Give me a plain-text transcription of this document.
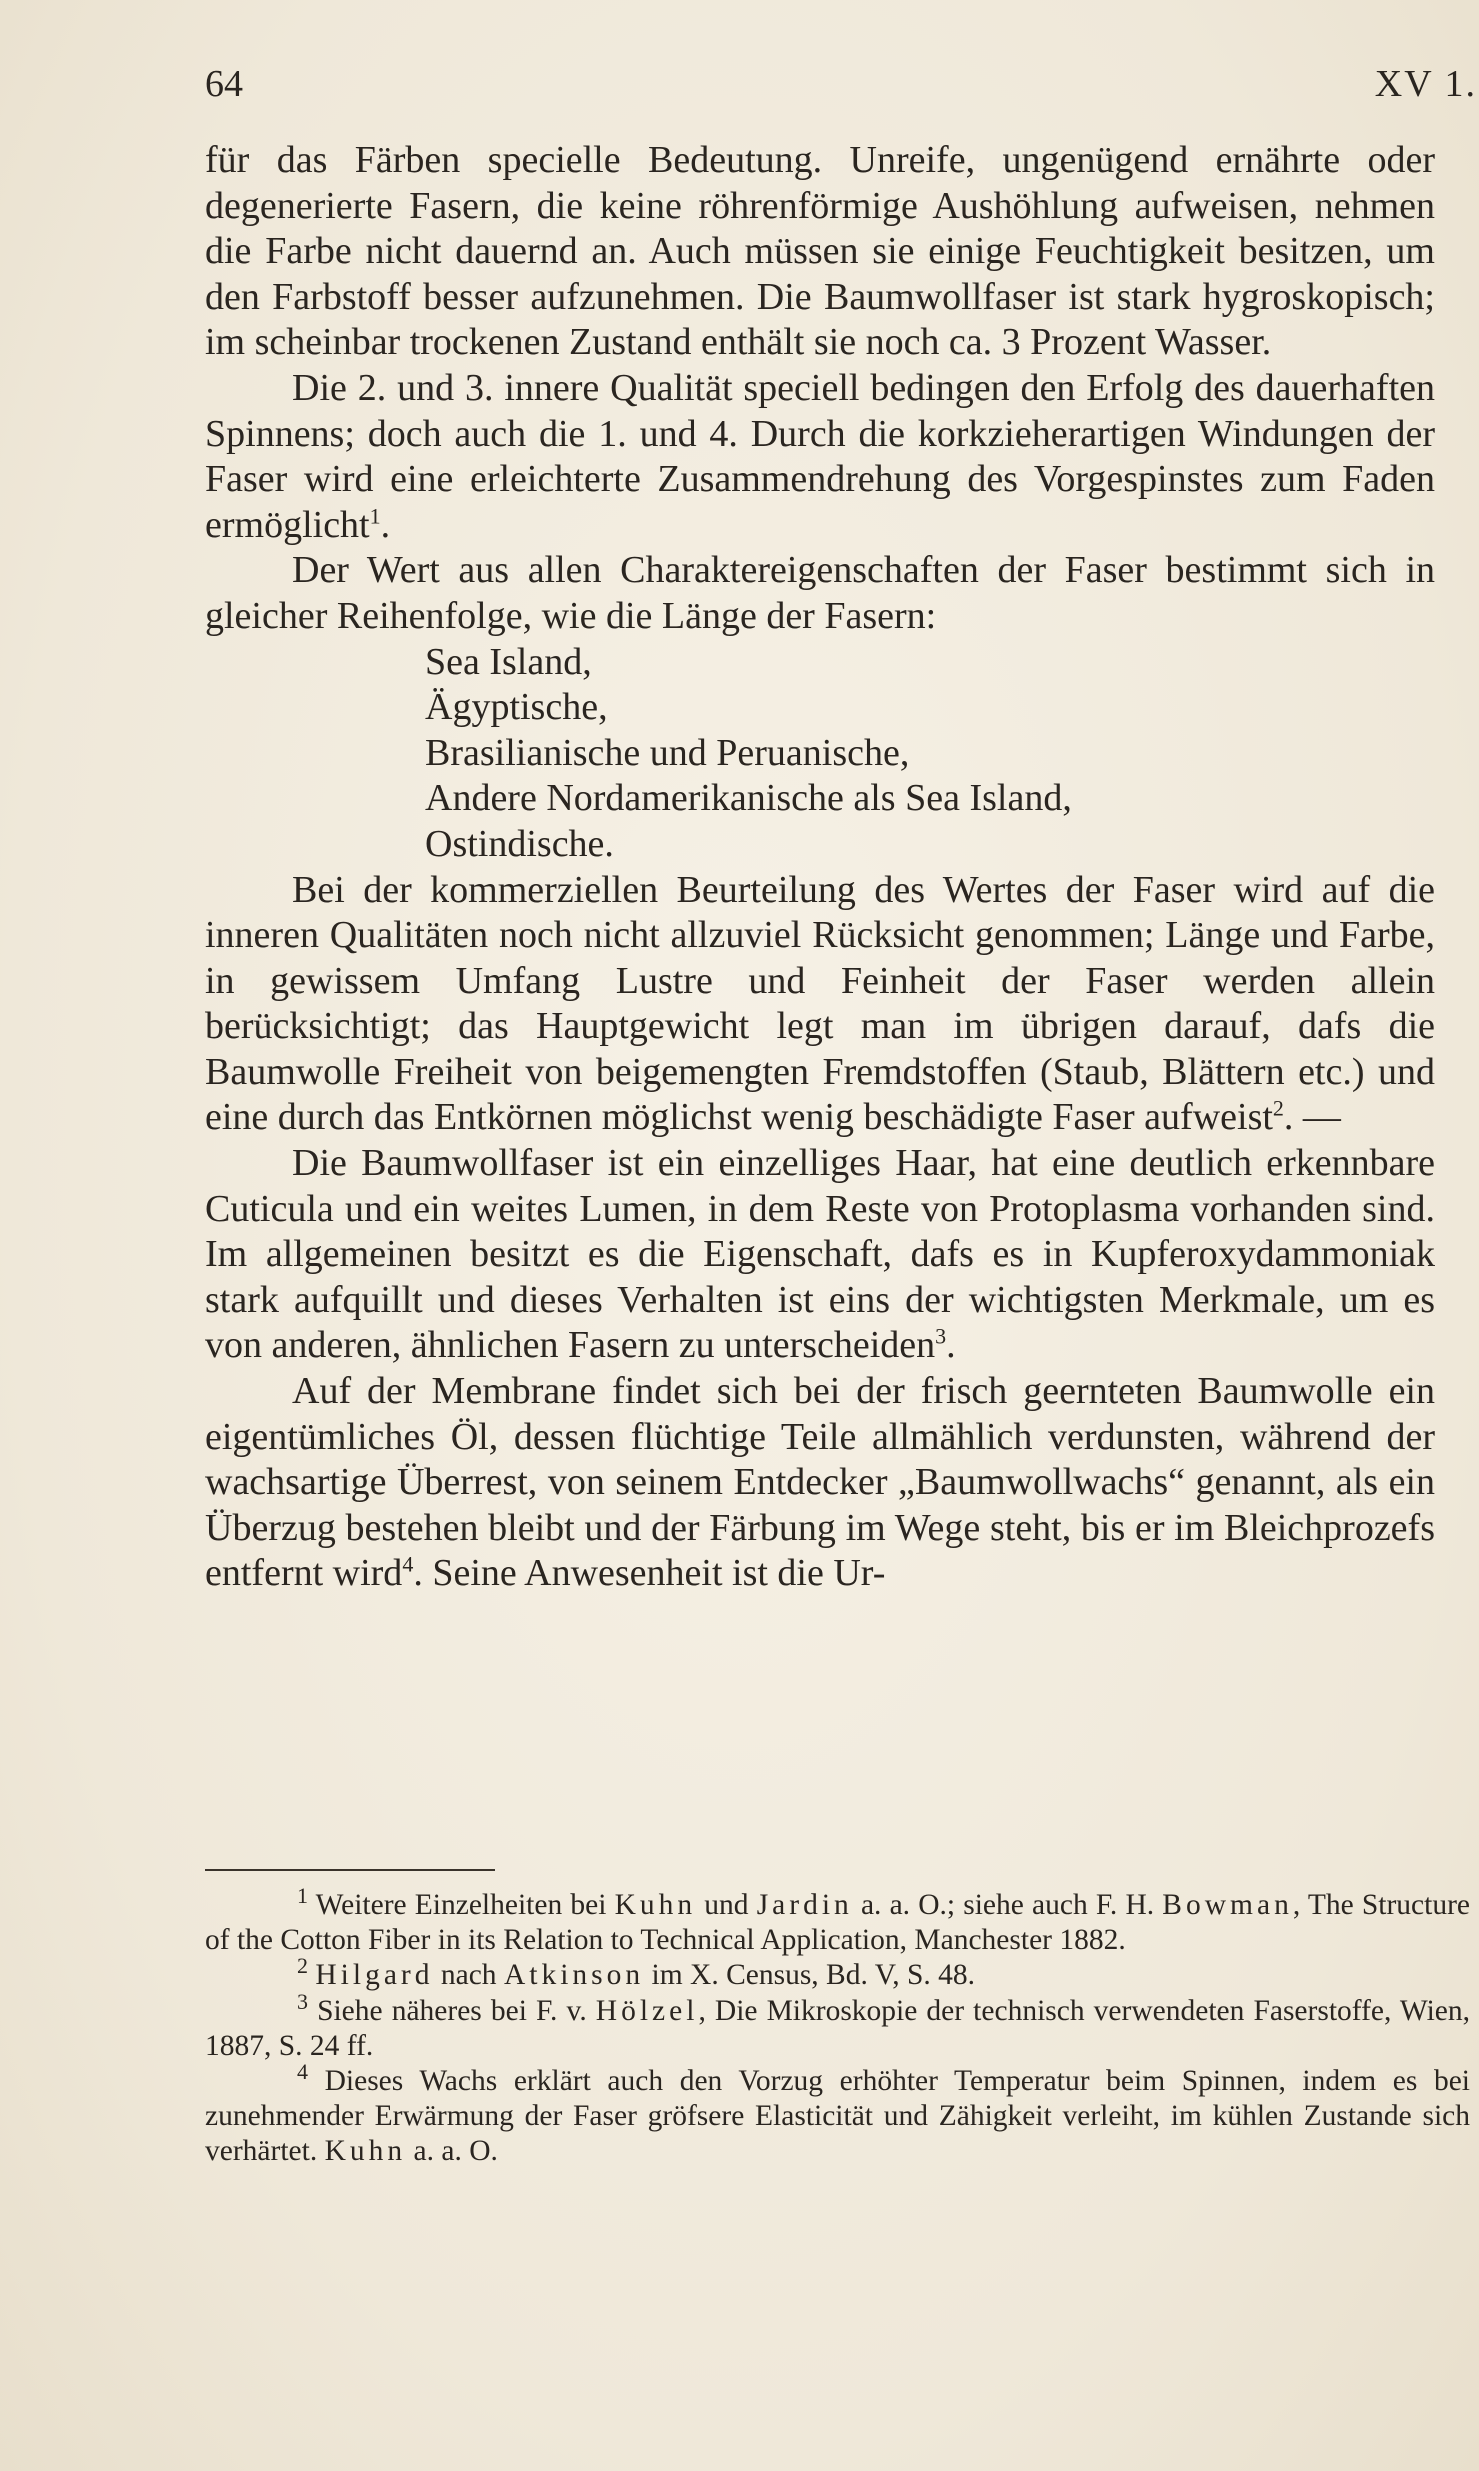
64	XV 1.

für das Färben specielle Bedeutung. Unreife, ungenügend ernährte oder degenerierte Fasern, die keine röhrenförmige Aushöhlung aufweisen, nehmen die Farbe nicht dauernd an. Auch müssen sie einige Feuchtigkeit besitzen, um den Farbstoff besser aufzunehmen. Die Baumwollfaser ist stark hygroskopisch; im scheinbar trockenen Zustand enthält sie noch ca. 3 Prozent Wasser.

Die 2. und 3. innere Qualität speciell bedingen den Erfolg des dauerhaften Spinnens; doch auch die 1. und 4. Durch die korkzieherartigen Windungen der Faser wird eine erleichterte Zusammendrehung des Vorgespinstes zum Faden ermöglicht$^1$.

Der Wert aus allen Charaktereigenschaften der Faser bestimmt sich in gleicher Reihenfolge, wie die Länge der Fasern:

Sea Island,
Ägyptische,
Brasilianische und Peruanische,
Andere Nordamerikanische als Sea Island,
Ostindische.

Bei der kommerziellen Beurteilung des Wertes der Faser wird auf die inneren Qualitäten noch nicht allzuviel Rücksicht genommen; Länge und Farbe, in gewissem Umfang Lustre und Feinheit der Faser werden allein berücksichtigt; das Hauptgewicht legt man im übrigen darauf, dafs die Baumwolle Freiheit von beigemengten Fremdstoffen (Staub, Blättern etc.) und eine durch das Entkörnen möglichst wenig beschädigte Faser aufweist$^2$. —

Die Baumwollfaser ist ein einzelliges Haar, hat eine deutlich erkennbare Cuticula und ein weites Lumen, in dem Reste von Protoplasma vorhanden sind. Im allgemeinen besitzt es die Eigenschaft, dafs es in Kupferoxydammoniak stark aufquillt und dieses Verhalten ist eins der wichtigsten Merkmale, um es von anderen, ähnlichen Fasern zu unterscheiden$^3$.

Auf der Membrane findet sich bei der frisch geernteten Baumwolle ein eigentümliches Öl, dessen flüchtige Teile allmählich verdunsten, während der wachsartige Überrest, von seinem Entdecker „Baumwollwachs“ genannt, als ein Überzug bestehen bleibt und der Färbung im Wege steht, bis er im Bleichprozefs entfernt wird$^4$. Seine Anwesenheit ist die Ur-

$^1$ Weitere Einzelheiten bei Kuhn und Jardin a. a. O.; siehe auch F. H. Bowman, The Structure of the Cotton Fiber in its Relation to Technical Application, Manchester 1882.

$^2$ Hilgard nach Atkinson im X. Census, Bd. V, S. 48.

$^3$ Siehe näheres bei F. v. Hölzel, Die Mikroskopie der technisch verwendeten Faserstoffe, Wien, 1887, S. 24 ff.

$^4$ Dieses Wachs erklärt auch den Vorzug erhöhter Temperatur beim Spinnen, indem es bei zunehmender Erwärmung der Faser gröfsere Elasticität und Zähigkeit verleiht, im kühlen Zustande sich verhärtet. Kuhn a. a. O.
